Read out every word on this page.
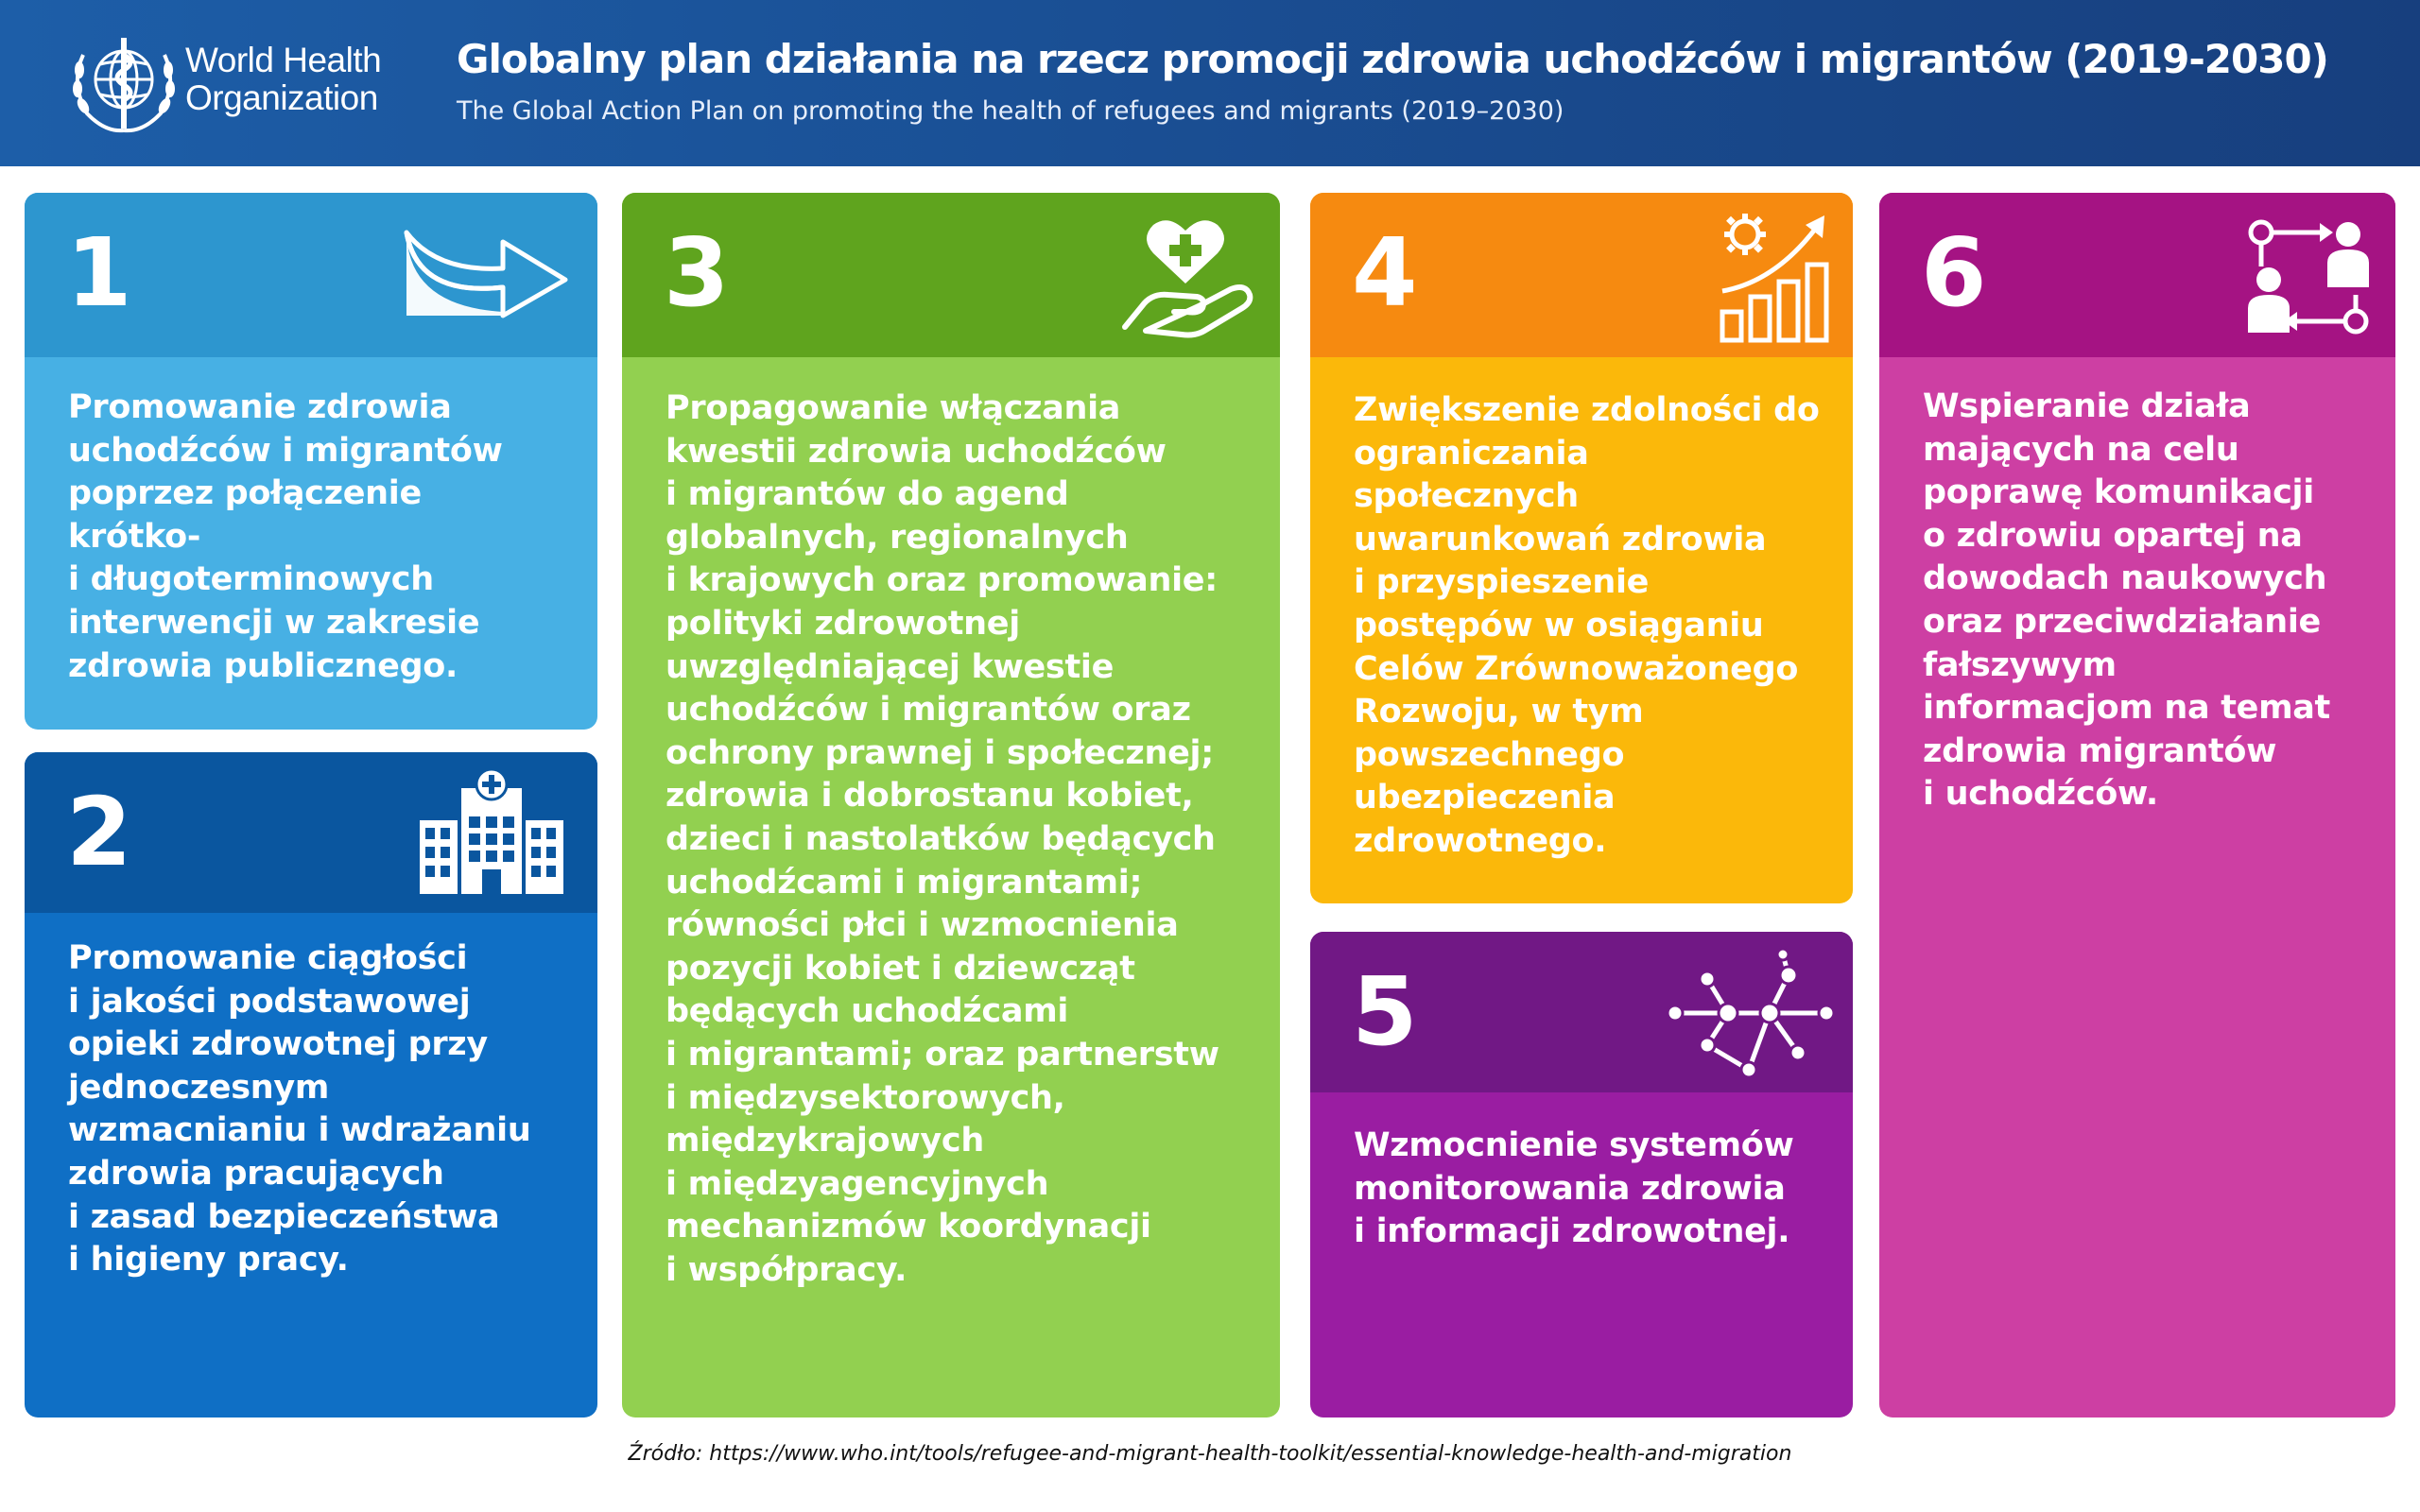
World Health
Organization
Globalny plan działania na rzecz promocji zdrowia uchodźców i migrantów (2019-2030)
The Global Action Plan on promoting the health of refugees and migrants (2019–2030)
1
Promowanie zdrowia
uchodźców i migrantów
poprzez połączenie
krótko-
i długoterminowych
interwencji w zakresie
zdrowia publicznego.
2
Promowanie ciągłości
i jakości podstawowej
opieki zdrowotnej przy
jednoczesnym
wzmacnianiu i wdrażaniu
zdrowia pracujących
i zasad bezpieczeństwa
i higieny pracy.
3
Propagowanie włączania
kwestii zdrowia uchodźców
i migrantów do agend
globalnych, regionalnych
i krajowych oraz promowanie:
polityki zdrowotnej
uwzględniającej kwestie
uchodźców i migrantów oraz
ochrony prawnej i społecznej;
zdrowia i dobrostanu kobiet,
dzieci i nastolatków będących
uchodźcami i migrantami;
równości płci i wzmocnienia
pozycji kobiet i dziewcząt
będących uchodźcami
i migrantami; oraz partnerstw
i międzysektorowych,
międzykrajowych
i międzyagencyjnych
mechanizmów koordynacji
i współpracy.
4
Zwiększenie zdolności do
ograniczania
społecznych
uwarunkowań zdrowia
i przyspieszenie
postępów w osiąganiu
Celów Zrównoważonego
Rozwoju, w tym
powszechnego
ubezpieczenia
zdrowotnego.
5
Wzmocnienie systemów
monitorowania zdrowia
i informacji zdrowotnej.
6
Wspieranie działa
mających na celu
poprawę komunikacji
o zdrowiu opartej na
dowodach naukowych
oraz przeciwdziałanie
fałszywym
informacjom na temat
zdrowia migrantów
i uchodźców.
Źródło: https://www.who.int/tools/refugee-and-migrant-health-toolkit/essential-knowledge-health-and-migration
